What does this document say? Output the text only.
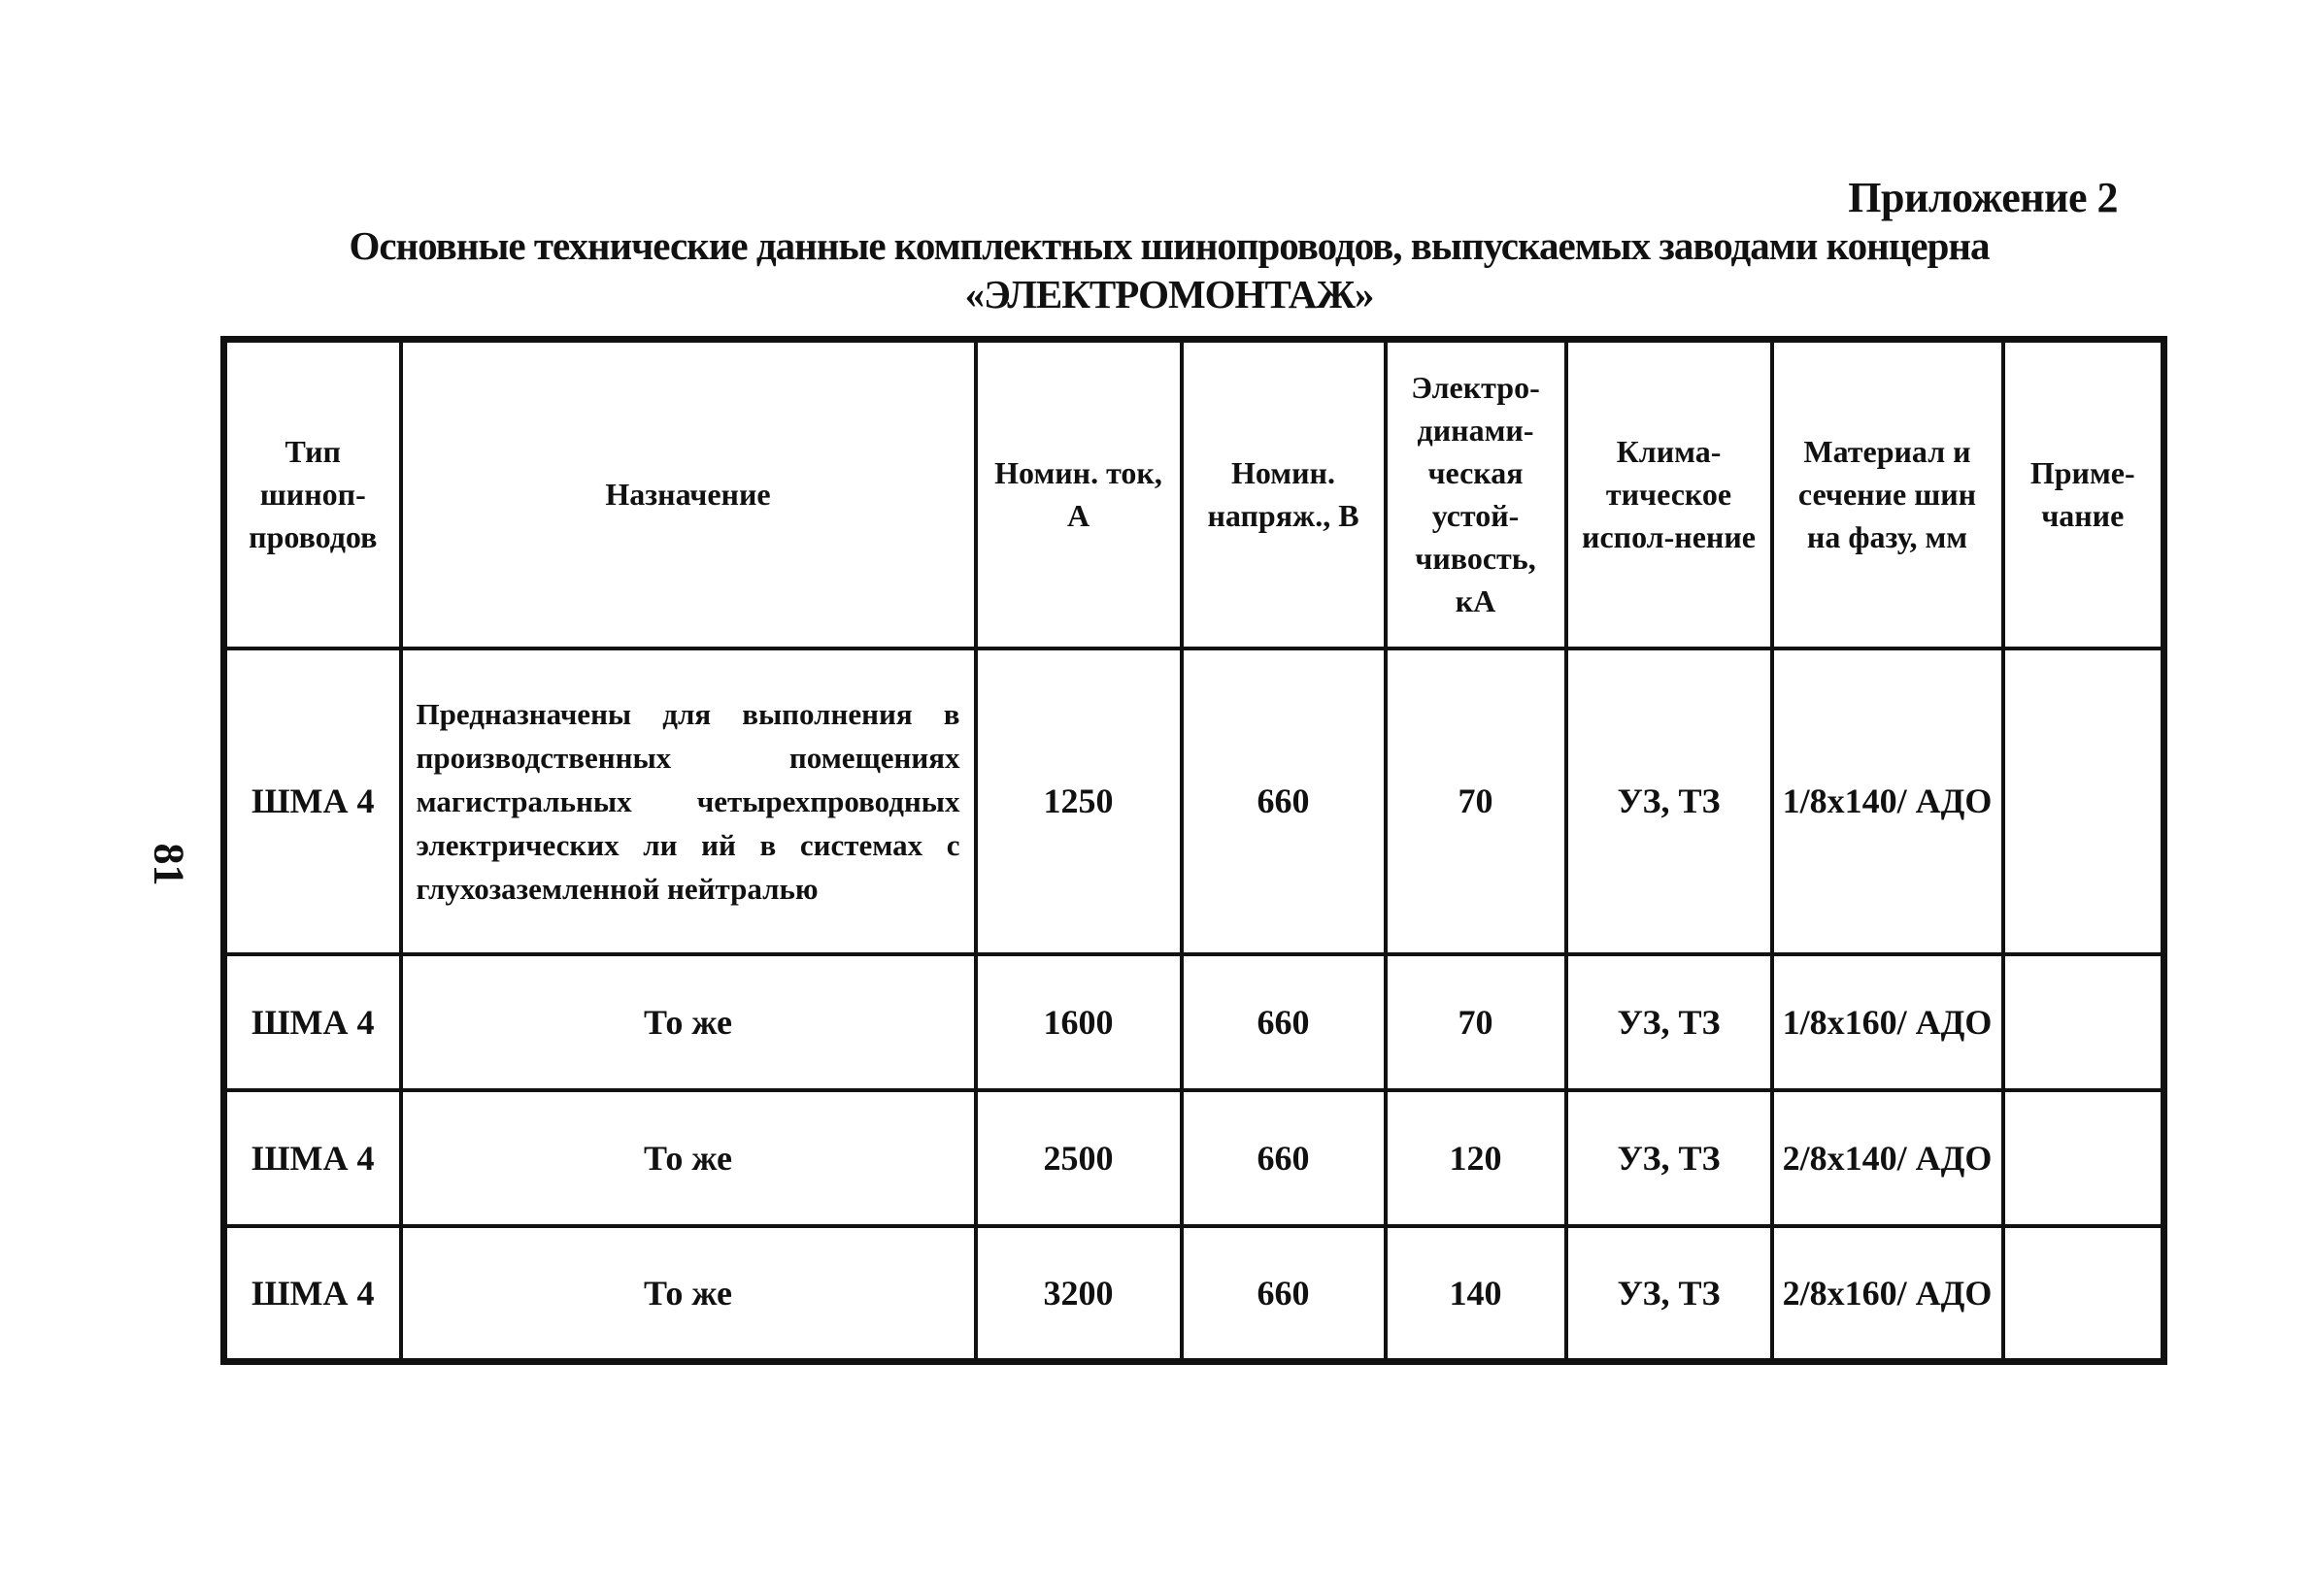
Приложение 2
Основные технические данные комплектных шинопроводов, выпускаемых заводами концерна
«ЭЛЕКТРОМОНТАЖ»
81
Тип шиноп-проводов	Назначение	Номин. ток, А	Номин. напряж., В	Электро-динами-ческая устой-чивость, кА	Клима-тическое испол-нение	Материал и сечение шин на фазу, мм	Приме-чание
ШМА 4	Предназначены для выполнения в производственных помещениях магистральных четырехпроводных электрических ли ий в системах с глухозаземленной нейтралью	1250	660	70	УЗ, ТЗ	1/8x140/ АДО	
ШМА 4	То же	1600	660	70	УЗ, ТЗ	1/8x160/ АДО	
ШМА 4	То же	2500	660	120	УЗ, ТЗ	2/8x140/ АДО	
ШМА 4	То же	3200	660	140	УЗ, ТЗ	2/8x160/ АДО	
